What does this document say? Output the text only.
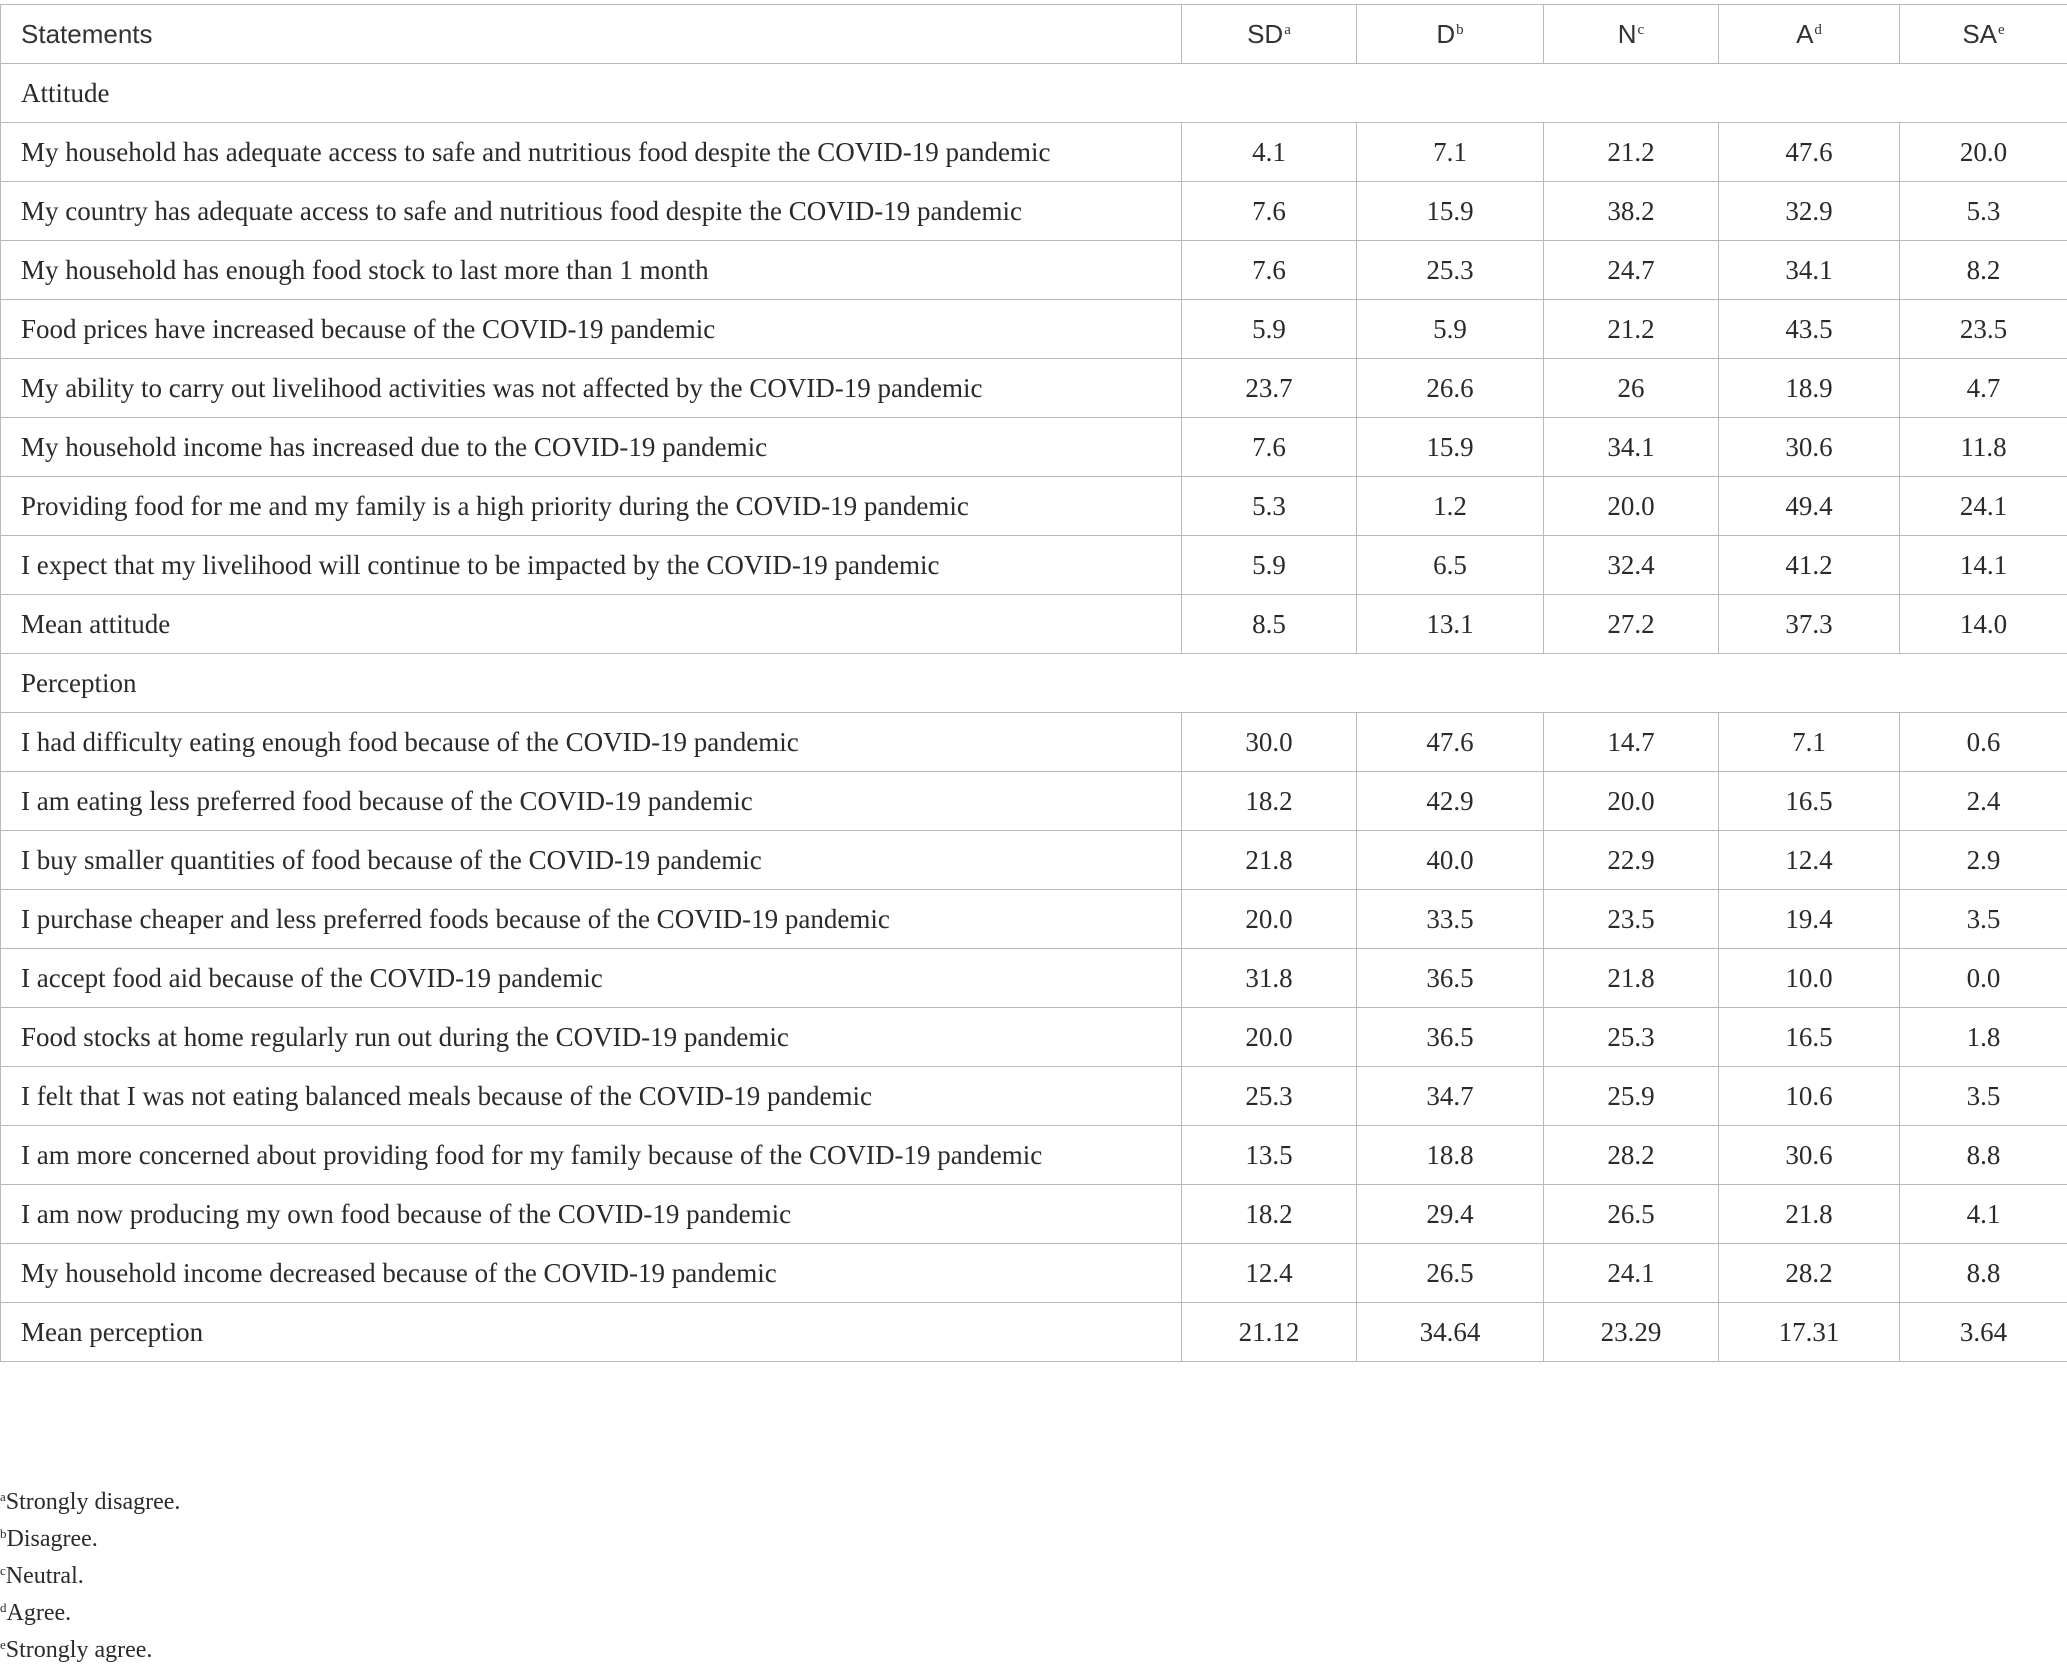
Statements	$SD^a$	$D^b$	$N^c$	$A^d$	$SA^e$
Attitude					
My household has adequate access to safe and nutritious food despite the COVID-19 pandemic	4.1	7.1	21.2	47.6	20.0
My country has adequate access to safe and nutritious food despite the COVID-19 pandemic	7.6	15.9	38.2	32.9	5.3
My household has enough food stock to last more than 1 month	7.6	25.3	24.7	34.1	8.2
Food prices have increased because of the COVID-19 pandemic	5.9	5.9	21.2	43.5	23.5
My ability to carry out livelihood activities was not affected by the COVID-19 pandemic	23.7	26.6	26	18.9	4.7
My household income has increased due to the COVID-19 pandemic	7.6	15.9	34.1	30.6	11.8
Providing food for me and my family is a high priority during the COVID-19 pandemic	5.3	1.2	20.0	49.4	24.1
I expect that my livelihood will continue to be impacted by the COVID-19 pandemic	5.9	6.5	32.4	41.2	14.1
Mean attitude	8.5	13.1	27.2	37.3	14.0
Perception					
I had difficulty eating enough food because of the COVID-19 pandemic	30.0	47.6	14.7	7.1	0.6
I am eating less preferred food because of the COVID-19 pandemic	18.2	42.9	20.0	16.5	2.4
I buy smaller quantities of food because of the COVID-19 pandemic	21.8	40.0	22.9	12.4	2.9
I purchase cheaper and less preferred foods because of the COVID-19 pandemic	20.0	33.5	23.5	19.4	3.5
I accept food aid because of the COVID-19 pandemic	31.8	36.5	21.8	10.0	0.0
Food stocks at home regularly run out during the COVID-19 pandemic	20.0	36.5	25.3	16.5	1.8
I felt that I was not eating balanced meals because of the COVID-19 pandemic	25.3	34.7	25.9	10.6	3.5
I am more concerned about providing food for my family because of the COVID-19 pandemic	13.5	18.8	28.2	30.6	8.8
I am now producing my own food because of the COVID-19 pandemic	18.2	29.4	26.5	21.8	4.1
My household income decreased because of the COVID-19 pandemic	12.4	26.5	24.1	28.2	8.8
Mean perception	21.12	34.64	23.29	17.31	3.64
$^a$Strongly disagree.
$^b$Disagree.
$^c$Neutral.
$^d$Agree.
$^e$Strongly agree.
